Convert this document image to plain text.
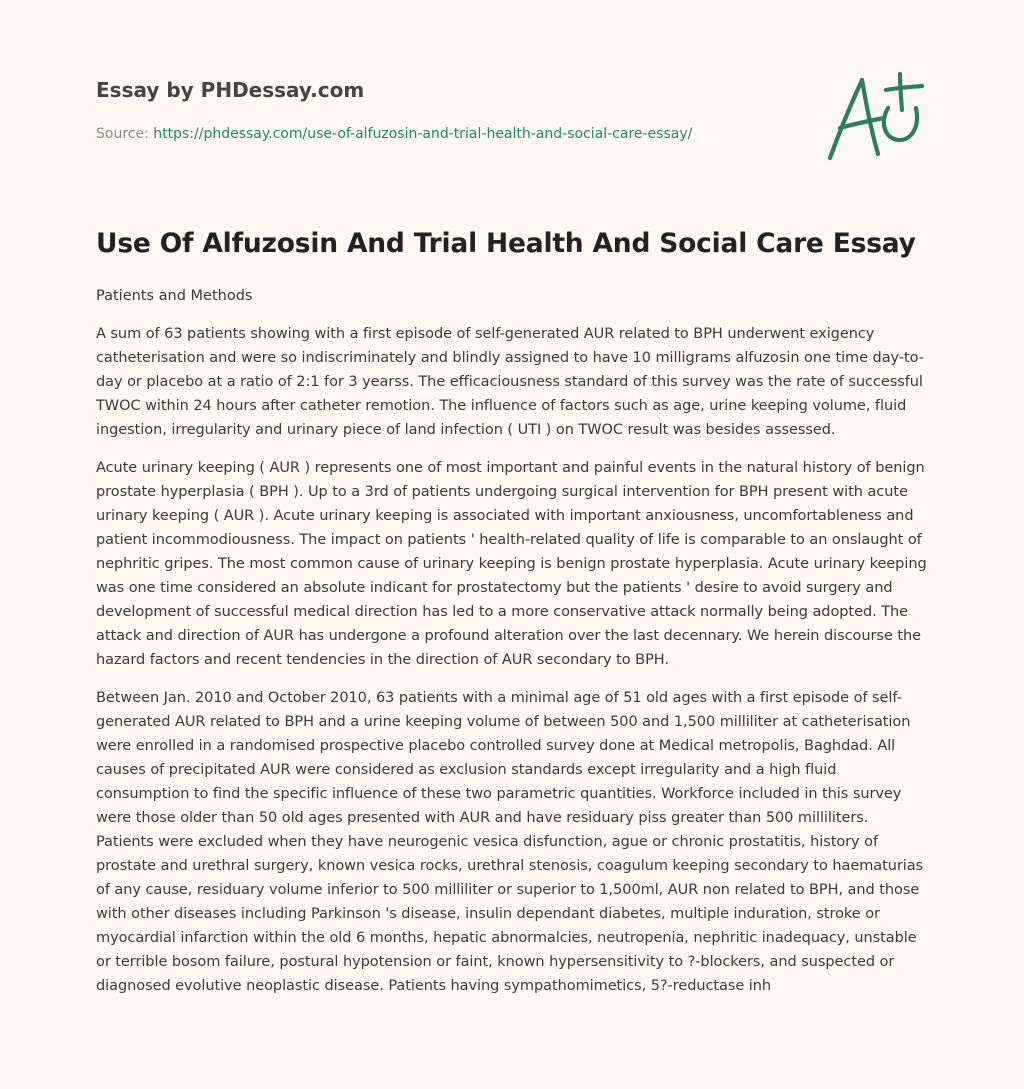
Essay by PHDessay.com
Source: https://phdessay.com/use-of-alfuzosin-and-trial-health-and-social-care-essay/
Use Of Alfuzosin And Trial Health And Social Care Essay

Patients and Methods

A sum of 63 patients showing with a first episode of self-generated AUR related to BPH underwent exigency catheterisation and were so indiscriminately and blindly assigned to have 10 milligrams alfuzosin one time day-to-day or placebo at a ratio of 2:1 for 3 yearss. The efficaciousness standard of this survey was the rate of successful TWOC within 24 hours after catheter remotion. The influence of factors such as age, urine keeping volume, fluid ingestion, irregularity and urinary piece of land infection ( UTI ) on TWOC result was besides assessed.

Acute urinary keeping ( AUR ) represents one of most important and painful events in the natural history of benign prostate hyperplasia ( BPH ). Up to a 3rd of patients undergoing surgical intervention for BPH present with acute urinary keeping ( AUR ). Acute urinary keeping is associated with important anxiousness, uncomfortableness and patient incommodiousness. The impact on patients ' health-related quality of life is comparable to an onslaught of nephritic gripes. The most common cause of urinary keeping is benign prostate hyperplasia. Acute urinary keeping was one time considered an absolute indicant for prostatectomy but the patients ' desire to avoid surgery and development of successful medical direction has led to a more conservative attack normally being adopted. The attack and direction of AUR has undergone a profound alteration over the last decennary. We herein discourse the hazard factors and recent tendencies in the direction of AUR secondary to BPH.

Between Jan. 2010 and October 2010, 63 patients with a minimal age of 51 old ages with a first episode of self-generated AUR related to BPH and a urine keeping volume of between 500 and 1,500 milliliter at catheterisation were enrolled in a randomised prospective placebo controlled survey done at Medical metropolis, Baghdad. All causes of precipitated AUR were considered as exclusion standards except irregularity and a high fluid consumption to find the specific influence of these two parametric quantities. Workforce included in this survey were those older than 50 old ages presented with AUR and have residuary piss greater than 500 milliliters. Patients were excluded when they have neurogenic vesica disfunction, ague or chronic prostatitis, history of prostate and urethral surgery, known vesica rocks, urethral stenosis, coagulum keeping secondary to haematurias of any cause, residuary volume inferior to 500 milliliter or superior to 1,500ml, AUR non related to BPH, and those with other diseases including Parkinson 's disease, insulin dependant diabetes, multiple induration, stroke or myocardial infarction within the old 6 months, hepatic abnormalcies, neutropenia, nephritic inadequacy, unstable or terrible bosom failure, postural hypotension or faint, known hypersensitivity to ?-blockers, and suspected or diagnosed evolutive neoplastic disease. Patients having sympathomimetics, 5?-reductase inh
